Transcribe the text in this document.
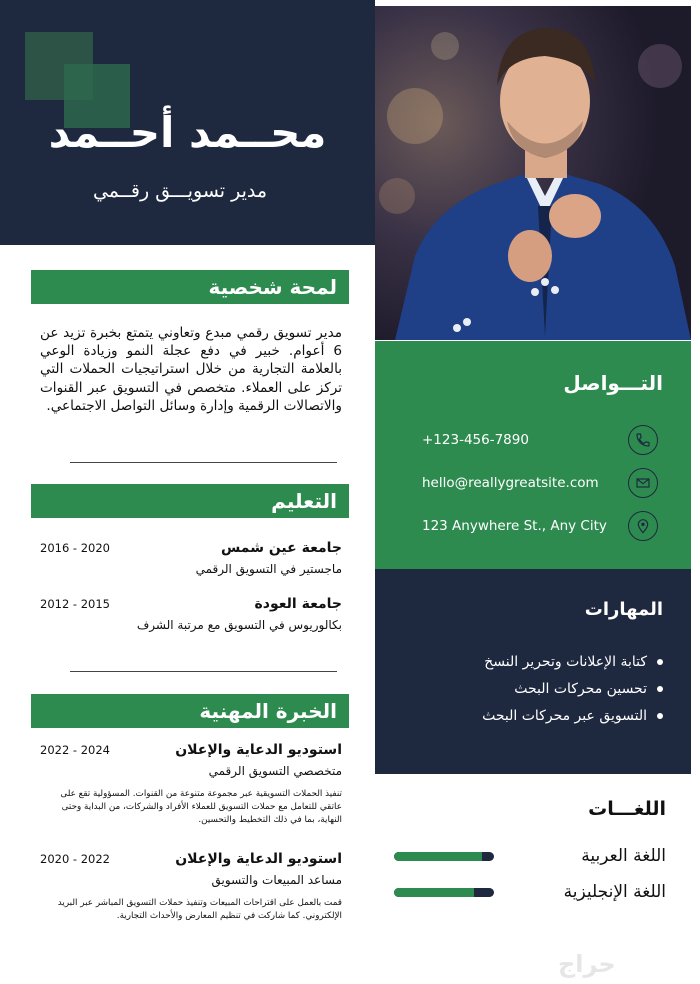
محــمد أحــمد
مدير تسويـــق رقــمي
لمحة شخصية
مدير تسويق رقمي مبدع وتعاوني يتمتع بخبرة تزيد عن 6 أعوام. خبير في دفع عجلة النمو وزيادة الوعي بالعلامة التجارية من خلال استراتيجيات الحملات التي تركز على العملاء. متخصص في التسويق عبر القنوات والاتصالات الرقمية وإدارة وسائل التواصل الاجتماعي.
التعليم
جامعة عين شمس
2016 - 2020
ماجستير في التسويق الرقمي
جامعة العودة
2012 - 2015
بكالوريوس في التسويق مع مرتبة الشرف
الخبرة المهنية
استوديو الدعاية والإعلان
2022 - 2024
متخصصي التسويق الرقمي
تنفيذ الحملات التسويقية عبر مجموعة متنوعة من القنوات. المسؤولية تقع على عاتقي للتعامل مع حملات التسويق للعملاء الأفراد والشركات، من البداية وحتى النهاية، بما في ذلك التخطيط والتحسين.
استوديو الدعاية والإعلان
2020 - 2022
مساعد المبيعات والتسويق
قمت بالعمل على اقتراحات المبيعات وتنفيذ حملات التسويق المباشر عبر البريد الإلكتروني. كما شاركت في تنظيم المعارض والأحداث التجارية.
التـــواصل
+123-456-7890
hello@reallygreatsite.com
123 Anywhere St., Any City
المهارات
كتابة الإعلانات وتحرير النسخ
تحسين محركات البحث
التسويق عبر محركات البحث
اللغـــات
اللغة العربية
اللغة الإنجليزية
حراج
